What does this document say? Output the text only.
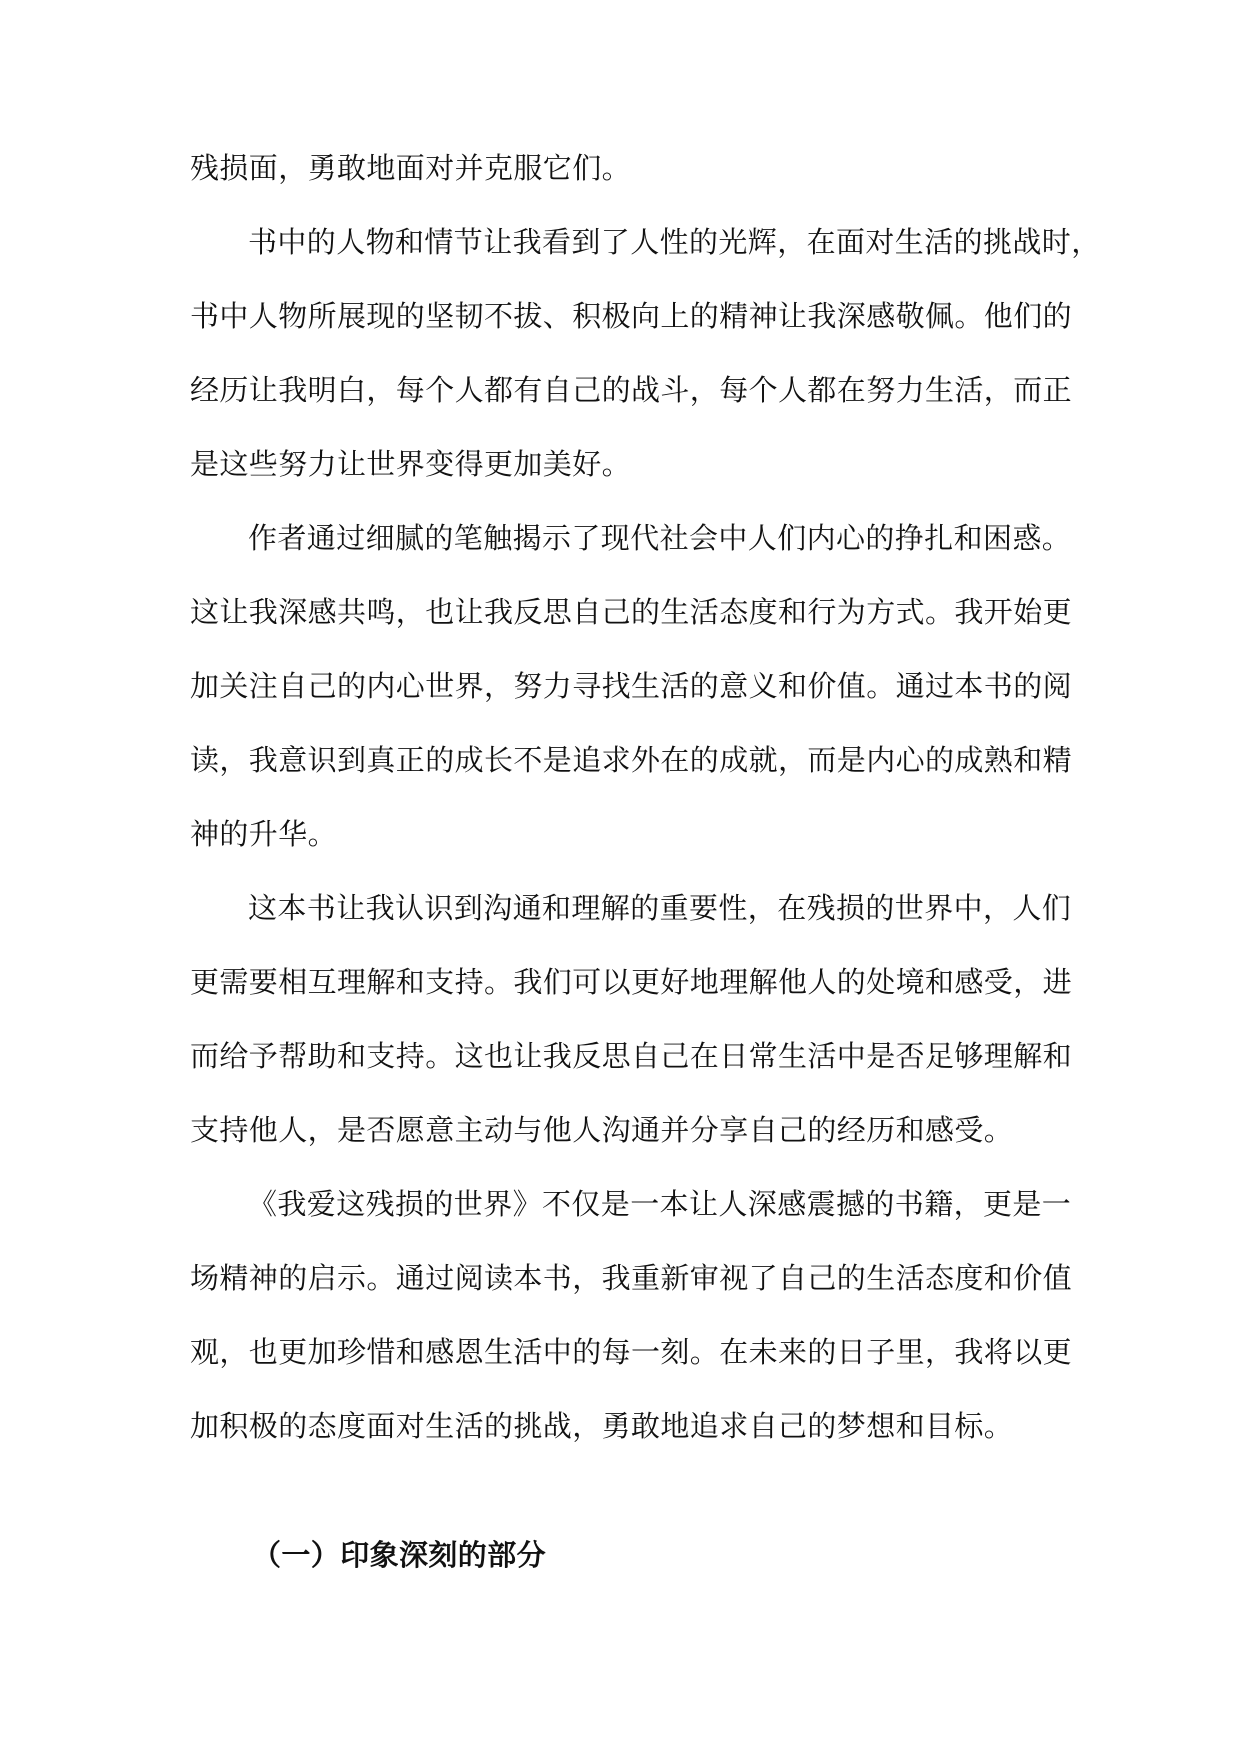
残损面，勇敢地面对并克服它们。
书中的人物和情节让我看到了人性的光辉，在面对生活的挑战时，
书中人物所展现的坚韧不拔、积极向上的精神让我深感敬佩。他们的
经历让我明白，每个人都有自己的战斗，每个人都在努力生活，而正
是这些努力让世界变得更加美好。
作者通过细腻的笔触揭示了现代社会中人们内心的挣扎和困惑。
这让我深感共鸣，也让我反思自己的生活态度和行为方式。我开始更
加关注自己的内心世界，努力寻找生活的意义和价值。通过本书的阅
读，我意识到真正的成长不是追求外在的成就，而是内心的成熟和精
神的升华。
这本书让我认识到沟通和理解的重要性，在残损的世界中，人们
更需要相互理解和支持。我们可以更好地理解他人的处境和感受，进
而给予帮助和支持。这也让我反思自己在日常生活中是否足够理解和
支持他人，是否愿意主动与他人沟通并分享自己的经历和感受。
《我爱这残损的世界》不仅是一本让人深感震撼的书籍，更是一
场精神的启示。通过阅读本书，我重新审视了自己的生活态度和价值
观，也更加珍惜和感恩生活中的每一刻。在未来的日子里，我将以更
加积极的态度面对生活的挑战，勇敢地追求自己的梦想和目标。
（一）印象深刻的部分
